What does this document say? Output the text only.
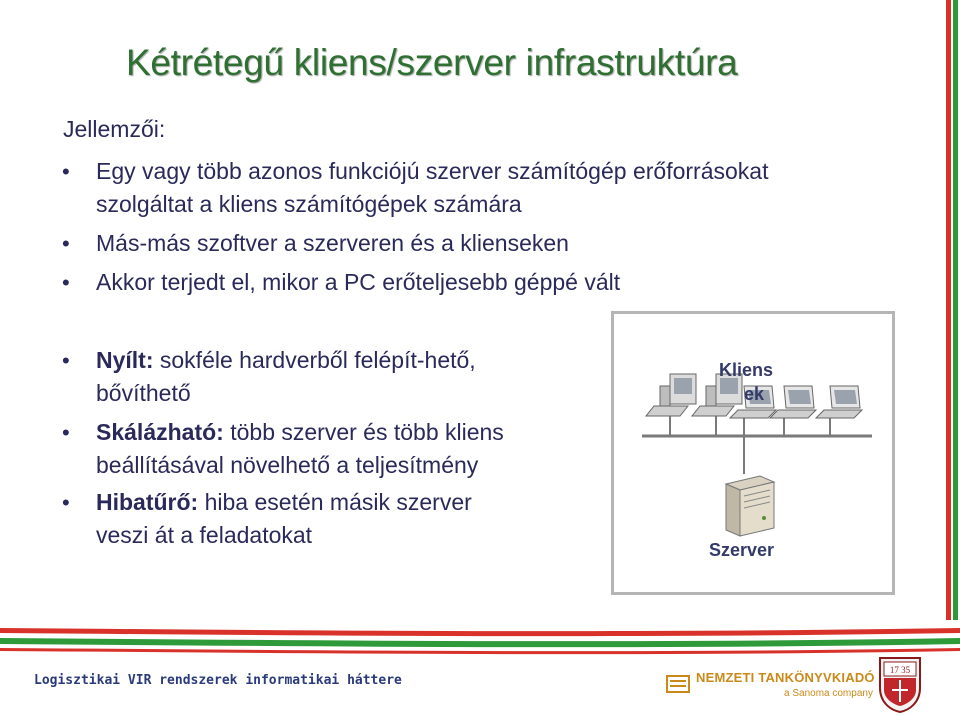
Kétrétegű kliens/szerver infrastruktúra
Jellemzői:
• Egy vagy több azonos funkciójú szerver számítógép erőforrásokat
szolgáltat a kliens számítógépek számára
• Más-más szoftver a szerveren és a klienseken
• Akkor terjedt el, mikor a PC erőteljesebb géppé vált
• Nyílt: sokféle hardverből felépít-hető,
bővíthető
• Skálázható: több szerver és több kliens
beállításával növelhető a teljesítmény
• Hibatűrő: hiba esetén másik szerver
veszi át a feladatokat
Kliens
ek
Szerver
Logisztikai VIR rendszerek informatikai háttere	NEMZETI TANKÖNYVKIADÓ
a Sanoma company
17 35
